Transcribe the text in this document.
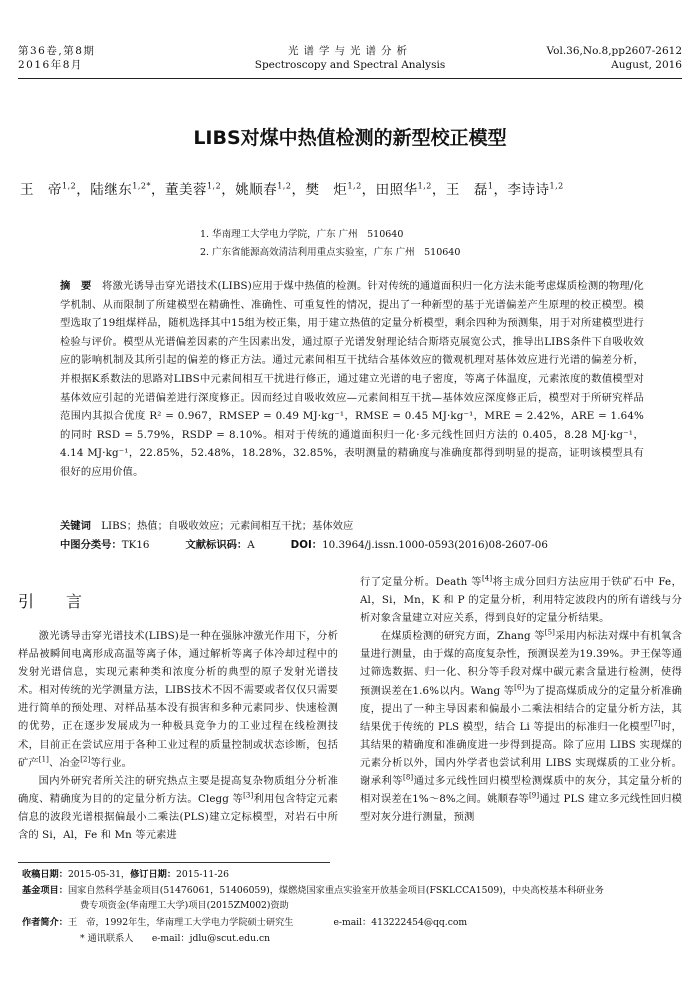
第36卷,第8期
2016年8月
光谱学与光谱分析
Spectroscopy and Spectral Analysis
Vol.36,No.8,pp2607-2612
August, 2016
LIBS对煤中热值检测的新型校正模型
王　帝$^{1,2}$，陆继东$^{1,2*}$，董美蓉$^{1,2}$，姚顺春$^{1,2}$，樊　炬$^{1,2}$，田照华$^{1,2}$，王　磊$^1$，李诗诗$^{1,2}$
1. 华南理工大学电力学院，广东 广州　510640
2. 广东省能源高效清洁利用重点实验室，广东 广州　510640
摘　要　 将激光诱导击穿光谱技术(LIBS)应用于煤中热值的检测。针对传统的通道面积归一化方法未能考虑煤质检测的物理/化学机制、从而限制了所建模型在精确性、准确性、可重复性的情况，提出了一种新型的基于光谱偏差产生原理的校正模型。模型选取了19组煤样品，随机选择其中15组为校正集，用于建立热值的定量分析模型，剩余四种为预测集，用于对所建模型进行检验与评价。模型从光谱偏差因素的产生因素出发，通过原子光谱发射理论结合斯塔克展宽公式，推导出LIBS条件下自吸收效应的影响机制及其所引起的偏差的修正方法。通过元素间相互干扰结合基体效应的微观机理对基体效应进行光谱的偏差分析，并根据K系数法的思路对LIBS中元素间相互干扰进行修正，通过建立光谱的电子密度，等离子体温度，元素浓度的数值模型对基体效应引起的光谱偏差进行深度修正。因而经过自吸收效应—元素间相互干扰—基体效应深度修正后，模型对于所研究样品范围内其拟合优度 R² = 0.967，RMSEP = 0.49 MJ·kg⁻¹，RMSE = 0.45 MJ·kg⁻¹，MRE = 2.42%，ARE = 1.64%的同时 RSD = 5.79%，RSDP = 8.10%。相对于传统的通道面积归一化·多元线性回归方法的 0.405，8.28 MJ·kg⁻¹，4.14 MJ·kg⁻¹，22.85%，52.48%，18.28%，32.85%，表明测量的精确度与准确度都得到明显的提高，证明该模型具有很好的应用价值。
关键词　 LIBS；热值；自吸收效应；元素间相互干扰；基体效应
中图分类号：TK16	文献标识码：A	DOI：10.3964/j.issn.1000-0593(2016)08-2607-06
引　言

激光诱导击穿光谱技术(LIBS)是一种在强脉冲激光作用下，分析样品被瞬间电离形成高温等离子体，通过解析等离子体冷却过程中的发射光谱信息，实现元素种类和浓度分析的典型的原子发射光谱技术。相对传统的光学测量方法，LIBS技术不因不需要或者仅仅只需要进行简单的预处理、对样品基本没有损害和多种元素同步、快速检测的优势，正在逐步发展成为一种极具竞争力的工业过程在线检测技术，目前正在尝试应用于各种工业过程的质量控制或状态诊断，包括矿产[1]、冶金[2]等行业。

国内外研究者所关注的研究热点主要是提高复杂物质组分分析准确度、精确度为目的的定量分析方法。Clegg 等[3]利用包含特定元素信息的波段光谱根据偏最小二乘法(PLS)建立定标模型，对岩石中所含的 Si，Al，Fe 和 Mn 等元素进

行了定量分析。Death 等[4]将主成分回归方法应用于铁矿石中 Fe，Al，Si，Mn，K 和 P 的定量分析，利用特定波段内的所有谱线与分析对象含量建立对应关系，得到良好的定量分析结果。

在煤质检测的研究方面，Zhang 等[5]采用内标法对煤中有机氧含量进行测量，由于煤的高度复杂性，预测误差为19.39%。尹王保等通过筛选数据、归一化、积分等手段对煤中碳元素含量进行检测，使得预测误差在1.6%以内。Wang 等[6]为了提高煤质成分的定量分析准确度，提出了一种主导因素和偏最小二乘法相结合的定量分析方法，其结果优于传统的 PLS 模型，结合 Li 等提出的标准归一化模型[7]时，其结果的精确度和准确度进一步得到提高。除了应用 LIBS 实现煤的元素分析以外，国内外学者也尝试利用 LIBS 实现煤质的工业分析。谢承利等[8]通过多元线性回归模型检测煤质中的灰分，其定量分析的相对误差在1%～8%之间。姚顺春等[9]通过 PLS 建立多元线性回归模型对灰分进行测量，预测

收稿日期：2015-05-31，修订日期：2015-11-26
基金项目：国家自然科学基金项目(51476061，51406059)，煤燃烧国家重点实验室开放基金项目(FSKLCCA1509)，中央高校基本科研业务
费专项资金(华南理工大学)项目(2015ZM002)资助
作者简介：王　帝，1992年生，华南理工大学电力学院硕士研究生	e-mail：413222454@qq.com
* 通讯联系人　　e-mail：jdlu@scut.edu.cn
